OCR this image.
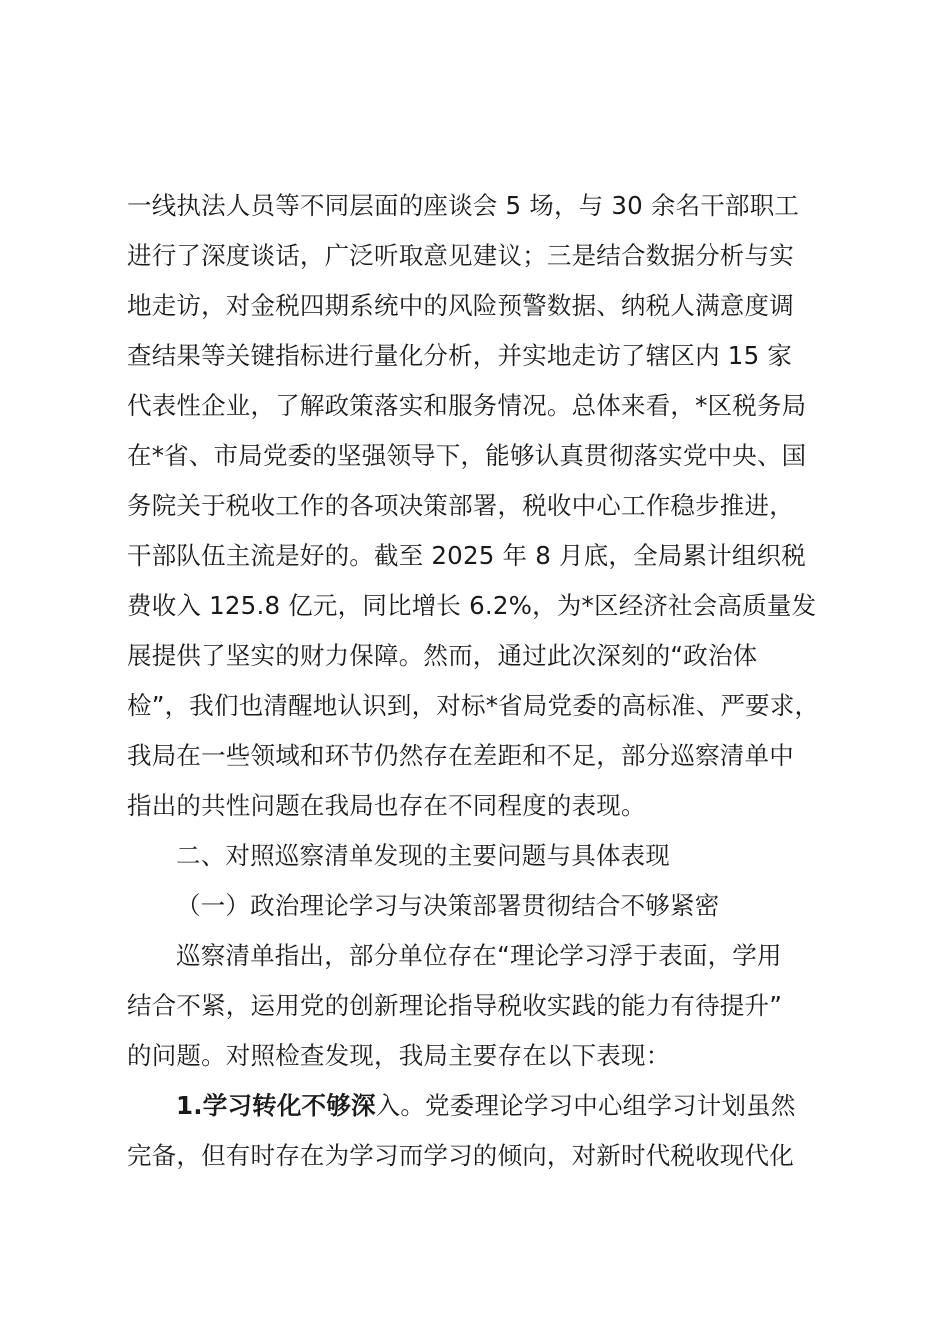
一线执法人员等不同层面的座谈会 5 场，与 30 余名干部职工
进行了深度谈话，广泛听取意见建议；三是结合数据分析与实
地走访，对金税四期系统中的风险预警数据、纳税人满意度调
查结果等关键指标进行量化分析，并实地走访了辖区内 15 家
代表性企业，了解政策落实和服务情况。总体来看，*区税务局
在*省、市局党委的坚强领导下，能够认真贯彻落实党中央、国
务院关于税收工作的各项决策部署，税收中心工作稳步推进，
干部队伍主流是好的。截至 2025 年 8 月底，全局累计组织税
费收入 125.8 亿元，同比增长 6.2%，为*区经济社会高质量发
展提供了坚实的财力保障。然而，通过此次深刻的“政治体
检”，我们也清醒地认识到，对标*省局党委的高标准、严要求，
我局在一些领域和环节仍然存在差距和不足，部分巡察清单中
指出的共性问题在我局也存在不同程度的表现。
二、对照巡察清单发现的主要问题与具体表现
（一）政治理论学习与决策部署贯彻结合不够紧密
巡察清单指出，部分单位存在“理论学习浮于表面，学用
结合不紧，运用党的创新理论指导税收实践的能力有待提升”
的问题。对照检查发现，我局主要存在以下表现：
1.学习转化不够深入。党委理论学习中心组学习计划虽然
完备，但有时存在为学习而学习的倾向，对新时代税收现代化
